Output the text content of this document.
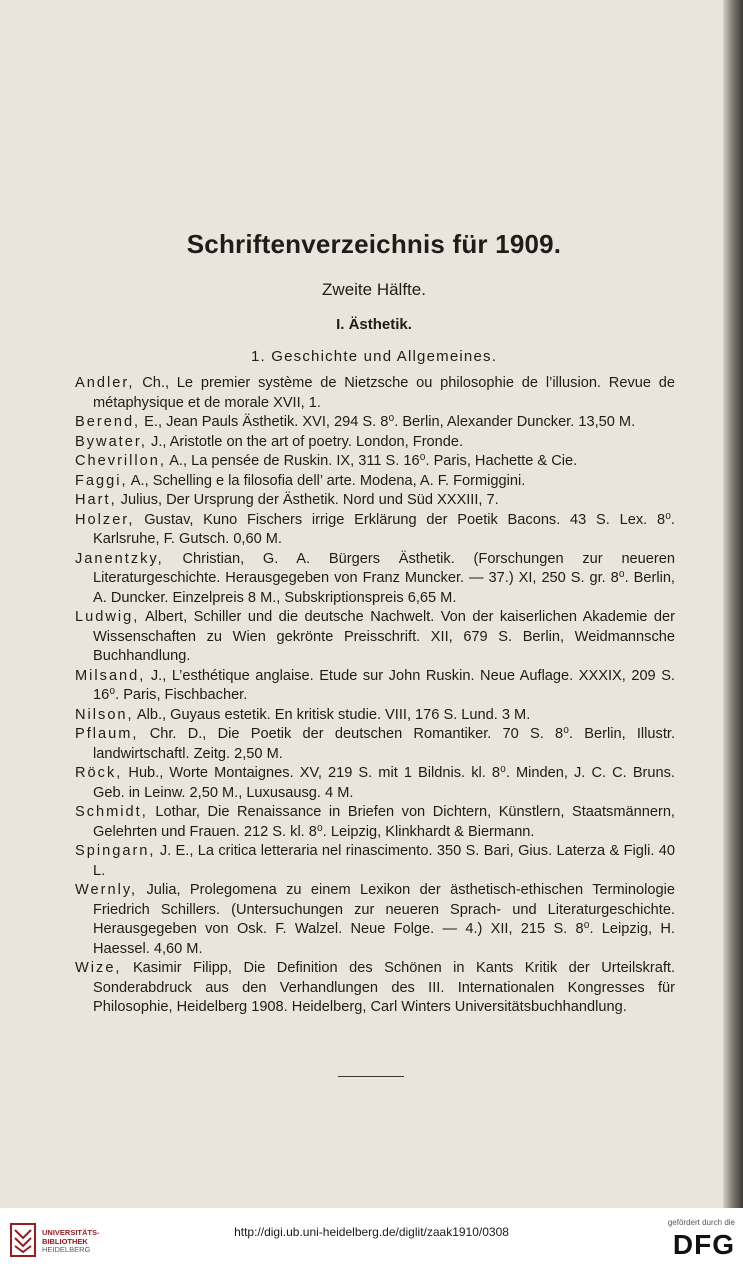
Schriftenverzeichnis für 1909.
Zweite Hälfte.
I. Ästhetik.
1. Geschichte und Allgemeines.
Andler, Ch., Le premier système de Nietzsche ou philosophie de l’illusion. Revue de métaphysique et de morale XVII, 1.
Berend, E., Jean Pauls Ästhetik. XVI, 294 S. 8⁰. Berlin, Alexander Duncker. 13,50 M.
Bywater, J., Aristotle on the art of poetry. London, Fronde.
Chevrillon, A., La pensée de Ruskin. IX, 311 S. 16⁰. Paris, Hachette & Cie.
Faggi, A., Schelling e la filosofia dell’ arte. Modena, A. F. Formiggini.
Hart, Julius, Der Ursprung der Ästhetik. Nord und Süd XXXIII, 7.
Holzer, Gustav, Kuno Fischers irrige Erklärung der Poetik Bacons. 43 S. Lex. 8⁰. Karlsruhe, F. Gutsch. 0,60 M.
Janentzky, Christian, G. A. Bürgers Ästhetik. (Forschungen zur neueren Literaturgeschichte. Herausgegeben von Franz Muncker. — 37.) XI, 250 S. gr. 8⁰. Berlin, A. Duncker. Einzelpreis 8 M., Subskriptionspreis 6,65 M.
Ludwig, Albert, Schiller und die deutsche Nachwelt. Von der kaiserlichen Akademie der Wissenschaften zu Wien gekrönte Preisschrift. XII, 679 S. Berlin, Weidmannsche Buchhandlung.
Milsand, J., L’esthétique anglaise. Etude sur John Ruskin. Neue Auflage. XXXIX, 209 S. 16⁰. Paris, Fischbacher.
Nilson, Alb., Guyaus estetik. En kritisk studie. VIII, 176 S. Lund. 3 M.
Pflaum, Chr. D., Die Poetik der deutschen Romantiker. 70 S. 8⁰. Berlin, Illustr. landwirtschaftl. Zeitg. 2,50 M.
Röck, Hub., Worte Montaignes. XV, 219 S. mit 1 Bildnis. kl. 8⁰. Minden, J. C. C. Bruns. Geb. in Leinw. 2,50 M., Luxusausg. 4 M.
Schmidt, Lothar, Die Renaissance in Briefen von Dichtern, Künstlern, Staatsmännern, Gelehrten und Frauen. 212 S. kl. 8⁰. Leipzig, Klinkhardt & Biermann.
Spingarn, J. E., La critica letteraria nel rinascimento. 350 S. Bari, Gius. Laterza & Figli. 40 L.
Wernly, Julia, Prolegomena zu einem Lexikon der ästhetisch-ethischen Terminologie Friedrich Schillers. (Untersuchungen zur neueren Sprach- und Literaturgeschichte. Herausgegeben von Osk. F. Walzel. Neue Folge. — 4.) XII, 215 S. 8⁰. Leipzig, H. Haessel. 4,60 M.
Wize, Kasimir Filipp, Die Definition des Schönen in Kants Kritik der Urteilskraft. Sonderabdruck aus den Verhandlungen des III. Internationalen Kongresses für Philosophie, Heidelberg 1908. Heidelberg, Carl Winters Universitätsbuchhandlung.
UNIVERSITÄTS-
BIBLIOTHEK
HEIDELBERG
http://digi.ub.uni-heidelberg.de/diglit/zaak1910/0308
gefördert durch die
DFG
